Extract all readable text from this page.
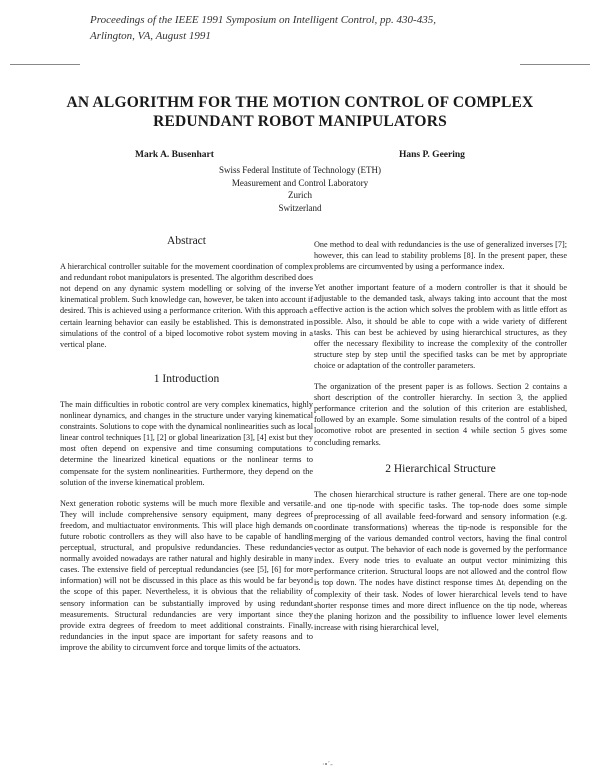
Proceedings of the IEEE 1991 Symposium on Intelligent Control, pp. 430-435,
Arlington, VA, August 1991
AN ALGORITHM FOR THE MOTION CONTROL OF COMPLEX
REDUNDANT ROBOT MANIPULATORS
Mark A. Busenhart	Hans P. Geering
Swiss Federal Institute of Technology (ETH)
Measurement and Control Laboratory
Zurich
Switzerland
Abstract

A hierarchical controller suitable for the movement coordination of complex and redundant robot manipulators is presented. The algorithm described does not depend on any dynamic system modelling or solving of the inverse kinematical problem. Such knowledge can, however, be taken into account if desired. This is achieved using a performance criterion. With this approach a certain learning behavior can easily be established. This is demonstrated in simulations of the control of a biped locomotive robot system moving in a vertical plane.

1 Introduction

The main difficulties in robotic control are very complex kinematics, highly nonlinear dynamics, and changes in the structure under varying kinematical constraints. Solutions to cope with the dynamical nonlinearities such as local linear control techniques [1], [2] or global linearization [3], [4] exist but they most often depend on expensive and time consuming computations to determine the linearized kinetical equations or the nonlinear terms to compensate for the system nonlinearities. Furthermore, they depend on the solution of the inverse kinematical problem.

Next generation robotic systems will be much more flexible and versatile. They will include comprehensive sensory equipment, many degrees of freedom, and multiactuator environments. This will place high demands on future robotic controllers as they will also have to be capable of handling perceptual, structural, and propulsive redundancies. These redundancies normally avoided nowadays are rather natural and highly desirable in many cases. The extensive field of perceptual redundancies (see [5], [6] for more information) will not be discussed in this place as this would be far beyond the scope of this paper. Nevertheless, it is obvious that the reliability of sensory information can be substantially improved by using redundant measurements. Structural redundancies are very important since they provide extra degrees of freedom to meet additional constraints. Finally, redundancies in the input space are important for safety reasons and to improve the ability to circumvent force and torque limits of the actuators.

One method to deal with redundancies is the use of generalized inverses [7]; however, this can lead to stability problems [8]. In the present paper, these problems are circumvented by using a performance index.

Yet another important feature of a modern controller is that it should be adjustable to the demanded task, always taking into account that the most effective action is the action which solves the problem with as little effort as possible. Also, it should be able to cope with a wide variety of different tasks. This can best be achieved by using hierarchical structures, as they offer the necessary flexibility to increase the complexity of the controller structure step by step until the specified tasks can be met by appropriate choice or adaptation of the controller parameters.

The organization of the present paper is as follows. Section 2 contains a short description of the controller hierarchy. In section 3, the applied performance criterion and the solution of this criterion are established, followed by an example. Some simulation results of the control of a biped locomotive robot are presented in section 4 while section 5 gives some concluding remarks.

2 Hierarchical Structure

The chosen hierarchical structure is rather general. There are one top-node and one tip-node with specific tasks. The top-node does some simple preprocessing of all available feed-forward and sensory information (e.g. coordinate transformations) whereas the tip-node is responsible for the merging of the various demanded control vectors, having the final control vector as output. The behavior of each node is governed by the performance index. Every node tries to evaluate an output vector minimizing this performance criterion. Structural loops are not allowed and the control flow is top down. The nodes have distinct response times Δtᵢ depending on the complexity of their task. Nodes of lower hierarchical levels tend to have shorter response times and more direct influence on the tip node, whereas the planing horizon and the possibility to influence lower level elements increase with rising hierarchical level,

·•´-
